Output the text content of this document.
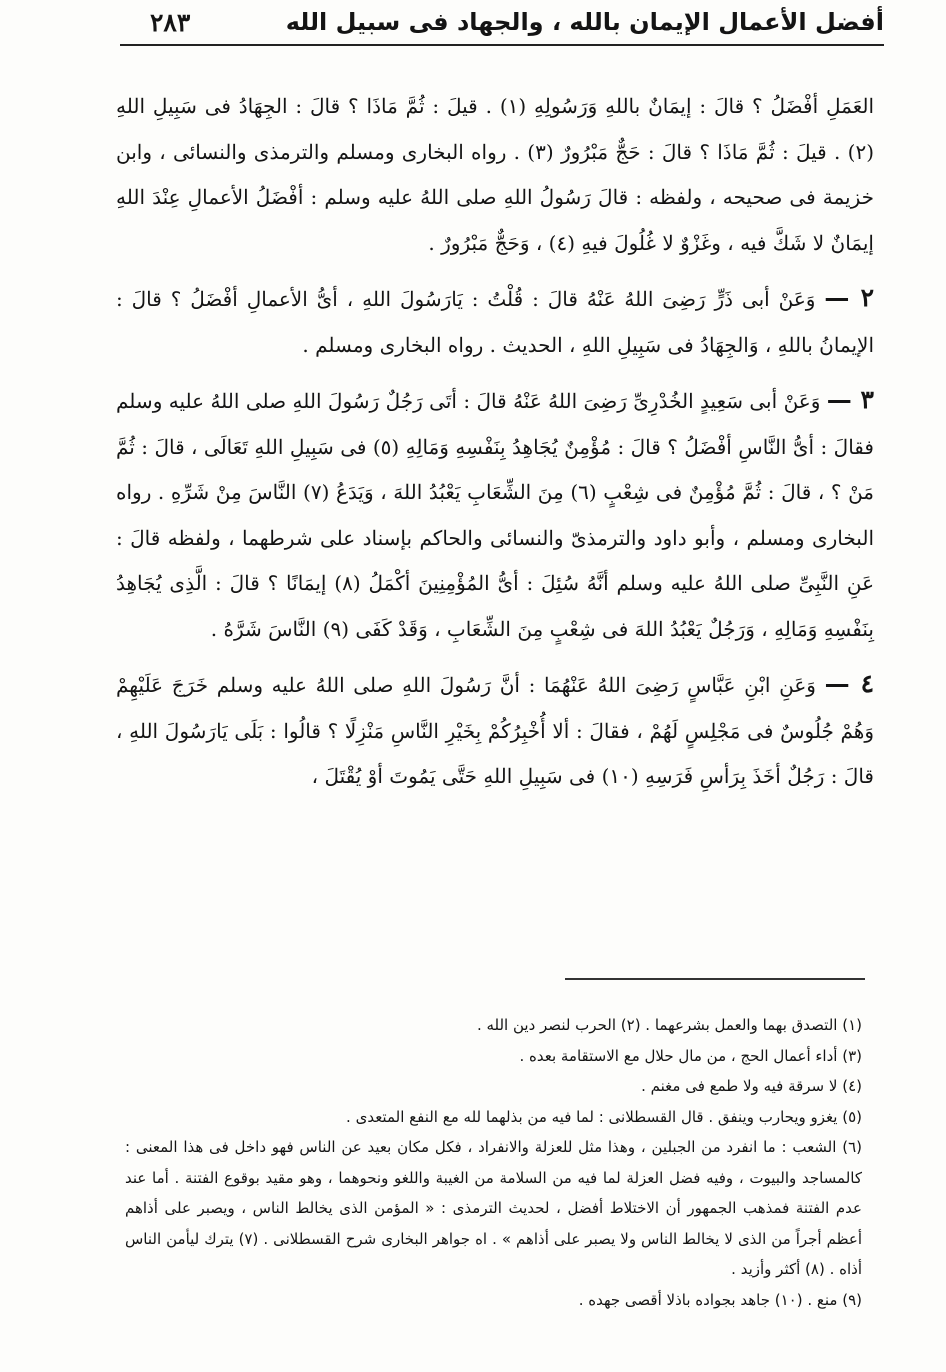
أفضل الأعمال الإيمان بالله ، والجهاد فى سبيل الله
٢٨٣

العَمَلِ أفْضَلُ ؟ قالَ : إيمَانٌ باللهِ وَرَسُولِهِ (١) . قيلَ : ثُمَّ مَاذَا ؟ قالَ : الجِهَادُ فى سَبِيلِ اللهِ (٢) . قيلَ : ثُمَّ مَاذَا ؟ قالَ : حَجٌّ مَبْرُورٌ (٣) . رواه البخارى ومسلم والترمذى والنسائى ، وابن خزيمة فى صحيحه ، ولفظه : قالَ رَسُولُ اللهِ صلى اللهُ عليه وسلم : أفْضَلُ الأعمالِ عِنْدَ اللهِ إيمَانٌ لا شَكَّ فيه ، وغَزْوٌ لا غُلُولَ فيهِ (٤) ، وَحَجٌّ مَبْرُورٌ .

٢ — وَعَنْ أبى ذَرٍّ رَضِىَ اللهُ عَنْهُ قالَ : قُلْتُ : يَارَسُولَ اللهِ ، أىُّ الأعمالِ أفْضَلُ ؟ قالَ : الإيمانُ باللهِ ، وَالجِهَادُ فى سَبِيلِ اللهِ ، الحديث . رواه البخارى ومسلم .

٣ — وَعَنْ أبى سَعِيدٍ الخُدْرِىِّ رَضِىَ اللهُ عَنْهُ قالَ : أتَى رَجُلٌ رَسُولَ اللهِ صلى اللهُ عليه وسلم فقالَ : أىُّ النَّاسِ أفْضَلُ ؟ قالَ : مُؤْمِنٌ يُجَاهِدُ بِنَفْسِهِ وَمَالِهِ (٥) فى سَبِيلِ اللهِ تَعَالَى ، قالَ : ثُمَّ مَنْ ؟ ، قالَ : ثُمَّ مُؤْمِنٌ فى شِعْبٍ (٦) مِنَ الشِّعَابِ يَعْبُدُ اللهَ ، وَيَدَعُ (٧) النَّاسَ مِنْ شَرِّهِ . رواه البخارى ومسلم ، وأبو داود والترمذىّ والنسائى والحاكم بإسناد على شرطهما ، ولفظه قالَ : عَنِ النَّبِىِّ صلى اللهُ عليه وسلم أنَّهُ سُئِلَ : أىُّ المُؤْمِنِينَ أكْمَلُ (٨) إيمَانًا ؟ قالَ : الَّذِى يُجَاهِدُ بِنَفْسِهِ وَمَالِهِ ، وَرَجُلٌ يَعْبُدُ اللهَ فى شِعْبٍ مِنَ الشِّعَابِ ، وَقَدْ كَفَى (٩) النَّاسَ شَرَّهُ .

٤ — وَعَنِ ابْنِ عَبَّاسٍ رَضِىَ اللهُ عَنْهُمَا : أنَّ رَسُولَ اللهِ صلى اللهُ عليه وسلم خَرَجَ عَلَيْهِمْ وَهُمْ جُلُوسٌ فى مَجْلِسٍ لَهُمْ ، فقالَ : ألا أُخْبِرُكُمْ بِخَيْرِ النَّاسِ مَنْزِلًا ؟ قالُوا : بَلَى يَارَسُولَ اللهِ ، قالَ : رَجُلٌ أخَذَ بِرَأسِ فَرَسِهِ (١٠) فى سَبِيلِ اللهِ حَتَّى يَمُوتَ أوْ يُقْتَلَ ،

(١) التصدق بهما والعمل بشرعهما . (٢) الحرب لنصر دين الله .

(٣) أداء أعمال الحج ، من مال حلال مع الاستقامة بعده .

(٤) لا سرقة فيه ولا طمع فى مغنم .

(٥) يغزو ويحارب وينفق . قال القسطلانى : لما فيه من بذلهما لله مع النفع المتعدى .

(٦) الشعب : ما انفرد من الجبلين ، وهذا مثل للعزلة والانفراد ، فكل مكان بعيد عن الناس فهو داخل فى هذا المعنى : كالمساجد والبيوت ، وفيه فضل العزلة لما فيه من السلامة من الغيبة واللغو ونحوهما ، وهو مقيد بوقوع الفتنة . أما عند عدم الفتنة فمذهب الجمهور أن الاختلاط أفضل ، لحديث الترمذى : « المؤمن الذى يخالط الناس ، ويصبر على أذاهم أعظم أجراً من الذى لا يخالط الناس ولا يصبر على أذاهم » . اه جواهر البخارى شرح القسطلانى . (٧) يترك ليأمن الناس أذاه . (٨) أكثر وأزيد .

(٩) منع . (١٠) جاهد بجواده باذلا أقصى جهده .
